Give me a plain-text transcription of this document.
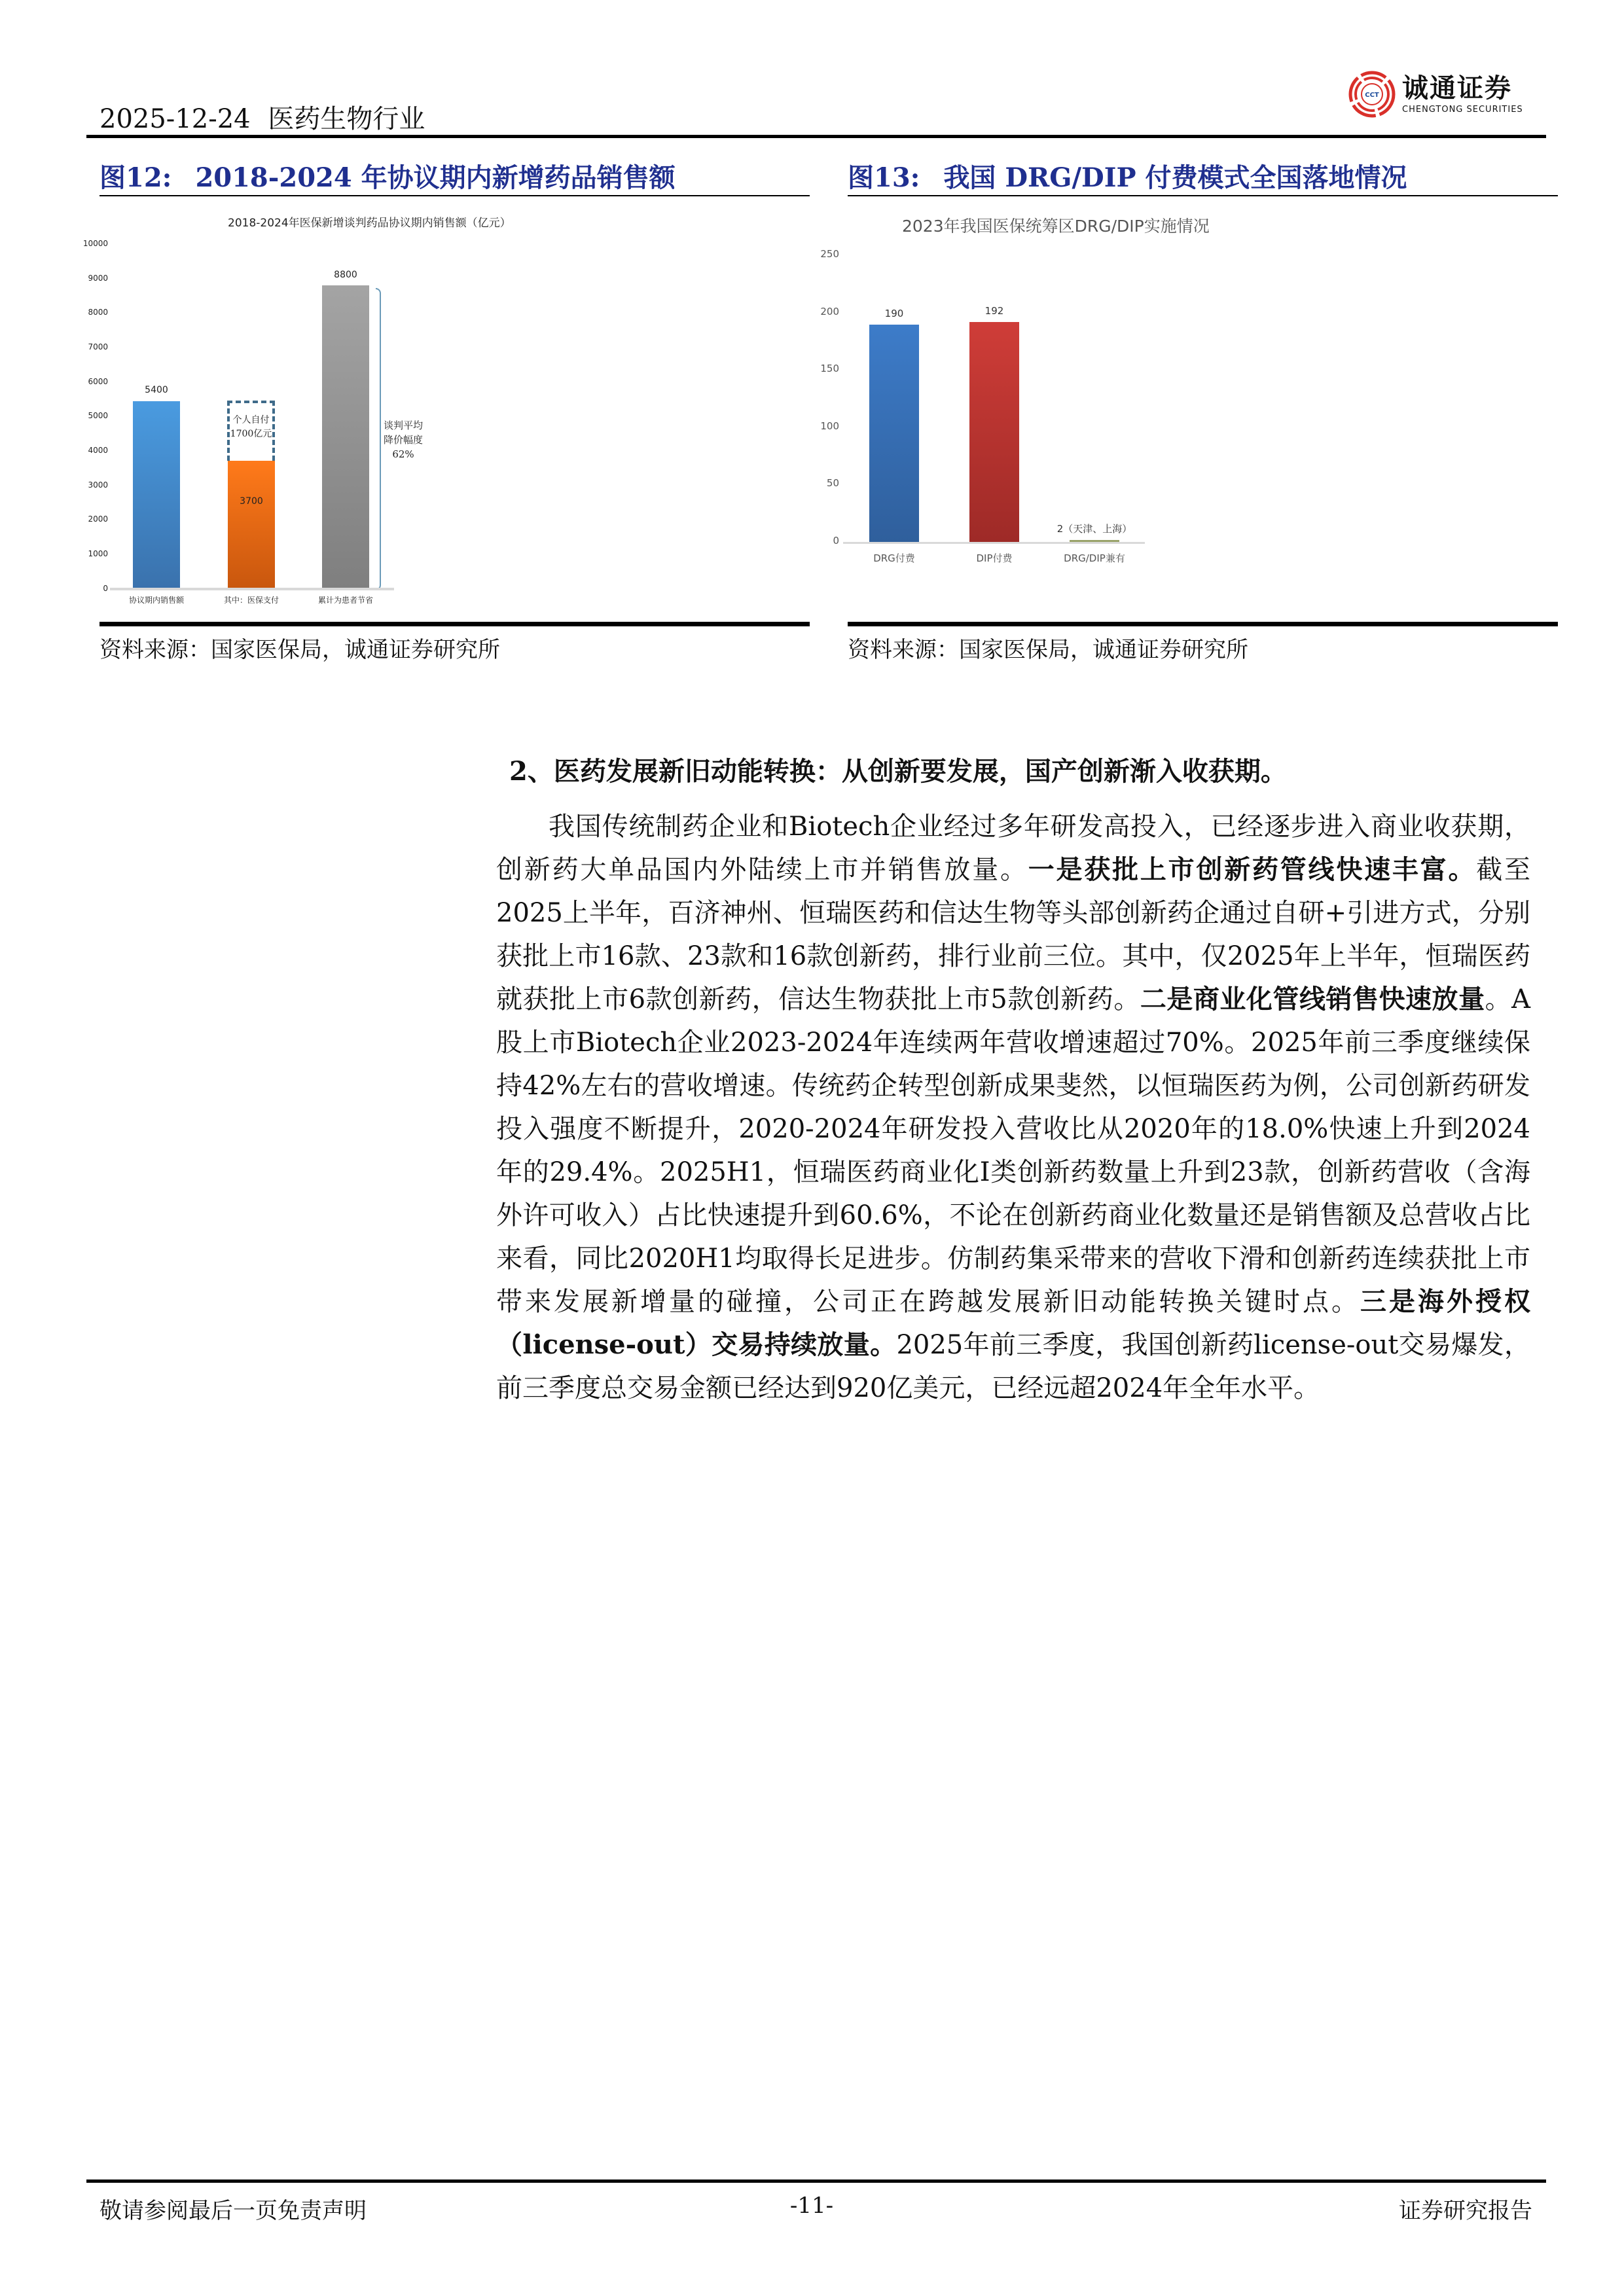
2025-12-24 医药生物行业
CCT 诚通证券
CHENGTONG SECURITIES
图12: 2018-2024 年协议期内新增药品销售额
2018-2024年医保新增谈判药品协议期内销售额（亿元）
10000
9000
8000
7000
6000
5000
4000
3000
2000
1000
0
5400
个人自付
1700亿元
3700
8800
谈判平均
降价幅度
62%
协议期内销售额	其中：医保支付	累计为患者节省
资料来源：国家医保局，诚通证券研究所
图13: 我国 DRG/DIP 付费模式全国落地情况
2023年我国医保统筹区DRG/DIP实施情况
250
200
150
100
50
0
190	192
2（天津、上海）
DRG付费	DIP付费	DRG/DIP兼有
资料来源：国家医保局，诚通证券研究所
2、医药发展新旧动能转换：从创新要发展，国产创新渐入收获期。
我国传统制药企业和Biotech企业经过多年研发高投入，已经逐步进入商业收获期，创新药大单品国内外陆续上市并销售放量。一是获批上市创新药管线快速丰富。截至2025上半年，百济神州、恒瑞医药和信达生物等头部创新药企通过自研+引进方式，分别获批上市16款、23款和16款创新药，排行业前三位。其中，仅2025年上半年，恒瑞医药就获批上市6款创新药，信达生物获批上市5款创新药。二是商业化管线销售快速放量。A股上市Biotech企业2023-2024年连续两年营收增速超过70%。2025年前三季度继续保持42%左右的营收增速。传统药企转型创新成果斐然，以恒瑞医药为例，公司创新药研发投入强度不断提升，2020-2024年研发投入营收比从2020年的18.0%快速上升到2024年的29.4%。2025H1，恒瑞医药商业化I类创新药数量上升到23款，创新药营收（含海外许可收入）占比快速提升到60.6%，不论在创新药商业化数量还是销售额及总营收占比来看，同比2020H1均取得长足进步。仿制药集采带来的营收下滑和创新药连续获批上市带来发展新增量的碰撞，公司正在跨越发展新旧动能转换关键时点。三是海外授权（license-out）交易持续放量。2025年前三季度，我国创新药license-out交易爆发，前三季度总交易金额已经达到920亿美元，已经远超2024年全年水平。
敬请参阅最后一页免责声明	-11-	证券研究报告
